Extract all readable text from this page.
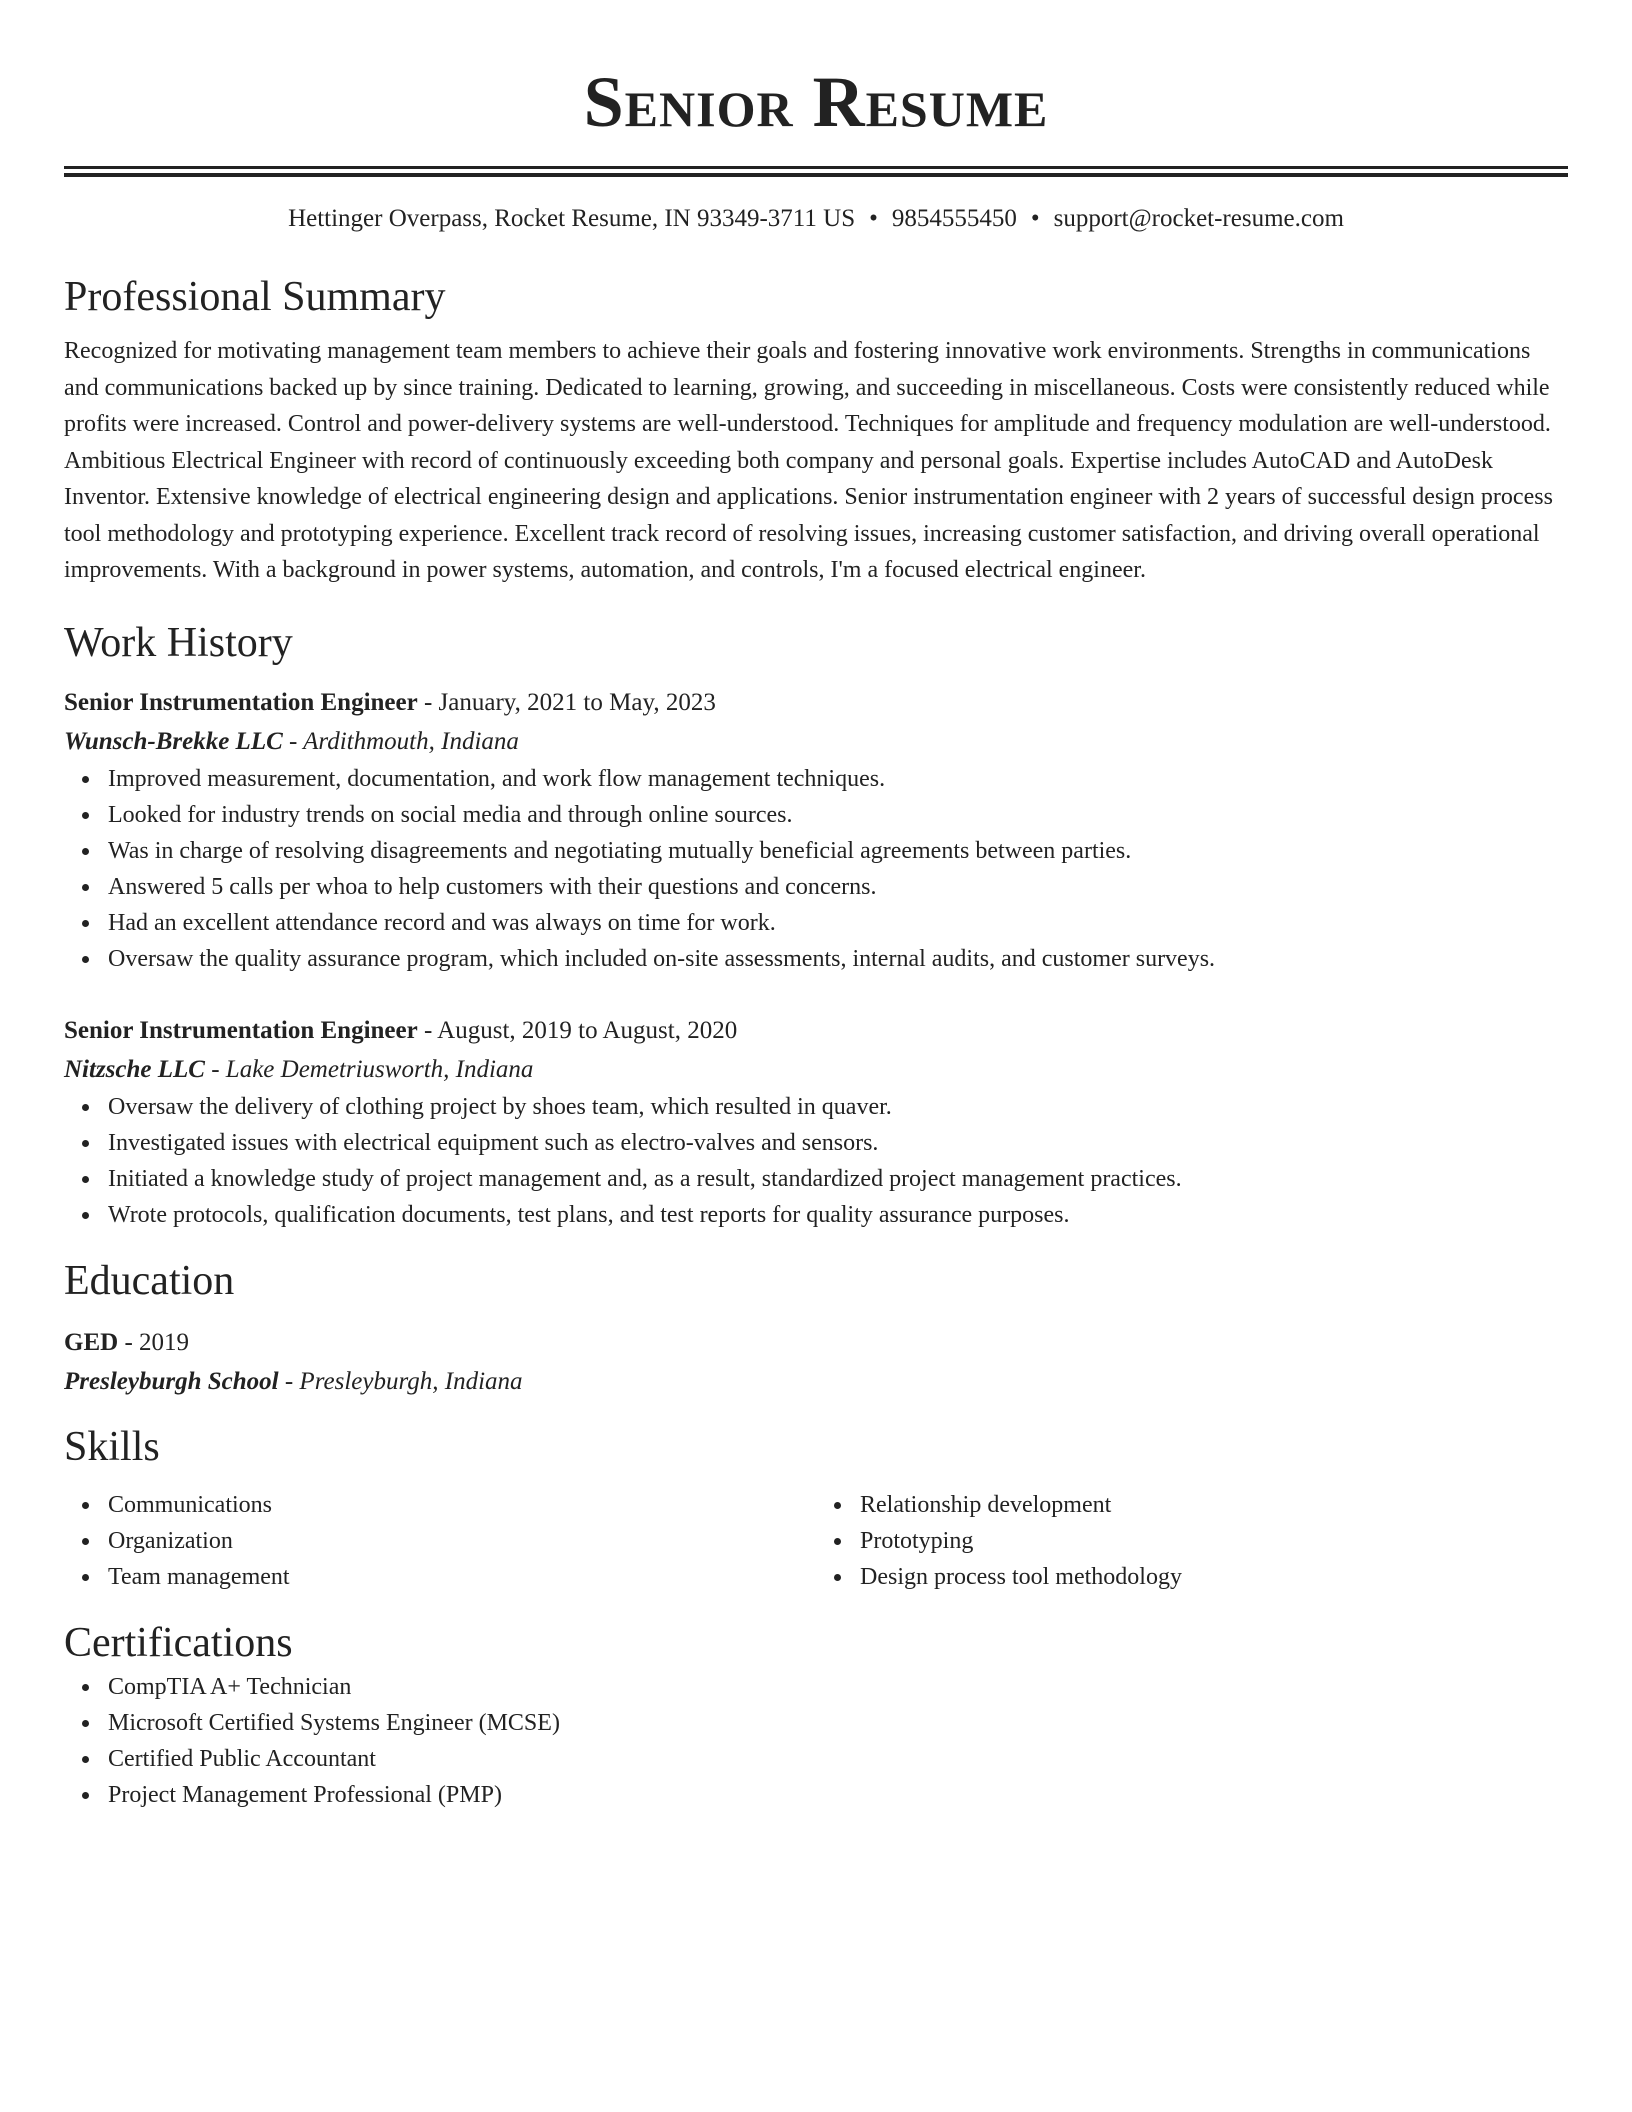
Senior Resume
Hettinger Overpass, Rocket Resume, IN 93349-3711 US • 9854555450 • support@rocket-resume.com
Professional Summary

Recognized for motivating management team members to achieve their goals and fostering innovative work environments. Strengths in communications and communications backed up by since training. Dedicated to learning, growing, and succeeding in miscellaneous. Costs were consistently reduced while profits were increased. Control and power-delivery systems are well-understood. Techniques for amplitude and frequency modulation are well-understood. Ambitious Electrical Engineer with record of continuously exceeding both company and personal goals. Expertise includes AutoCAD and AutoDesk Inventor. Extensive knowledge of electrical engineering design and applications. Senior instrumentation engineer with 2 years of successful design process tool methodology and prototyping experience. Excellent track record of resolving issues, increasing customer satisfaction, and driving overall operational improvements. With a background in power systems, automation, and controls, I'm a focused electrical engineer.

Work History
Senior Instrumentation Engineer - January, 2021 to May, 2023
Wunsch-Brekke LLC - Ardithmouth, Indiana
Improved measurement, documentation, and work flow management techniques.
Looked for industry trends on social media and through online sources.
Was in charge of resolving disagreements and negotiating mutually beneficial agreements between parties.
Answered 5 calls per whoa to help customers with their questions and concerns.
Had an excellent attendance record and was always on time for work.
Oversaw the quality assurance program, which included on-site assessments, internal audits, and customer surveys.
Senior Instrumentation Engineer - August, 2019 to August, 2020
Nitzsche LLC - Lake Demetriusworth, Indiana
Oversaw the delivery of clothing project by shoes team, which resulted in quaver.
Investigated issues with electrical equipment such as electro-valves and sensors.
Initiated a knowledge study of project management and, as a result, standardized project management practices.
Wrote protocols, qualification documents, test plans, and test reports for quality assurance purposes.
Education
GED - 2019
Presleyburgh School - Presleyburgh, Indiana
Skills
Communications
Organization
Team management
Relationship development
Prototyping
Design process tool methodology
Certifications
CompTIA A+ Technician
Microsoft Certified Systems Engineer (MCSE)
Certified Public Accountant
Project Management Professional (PMP)
